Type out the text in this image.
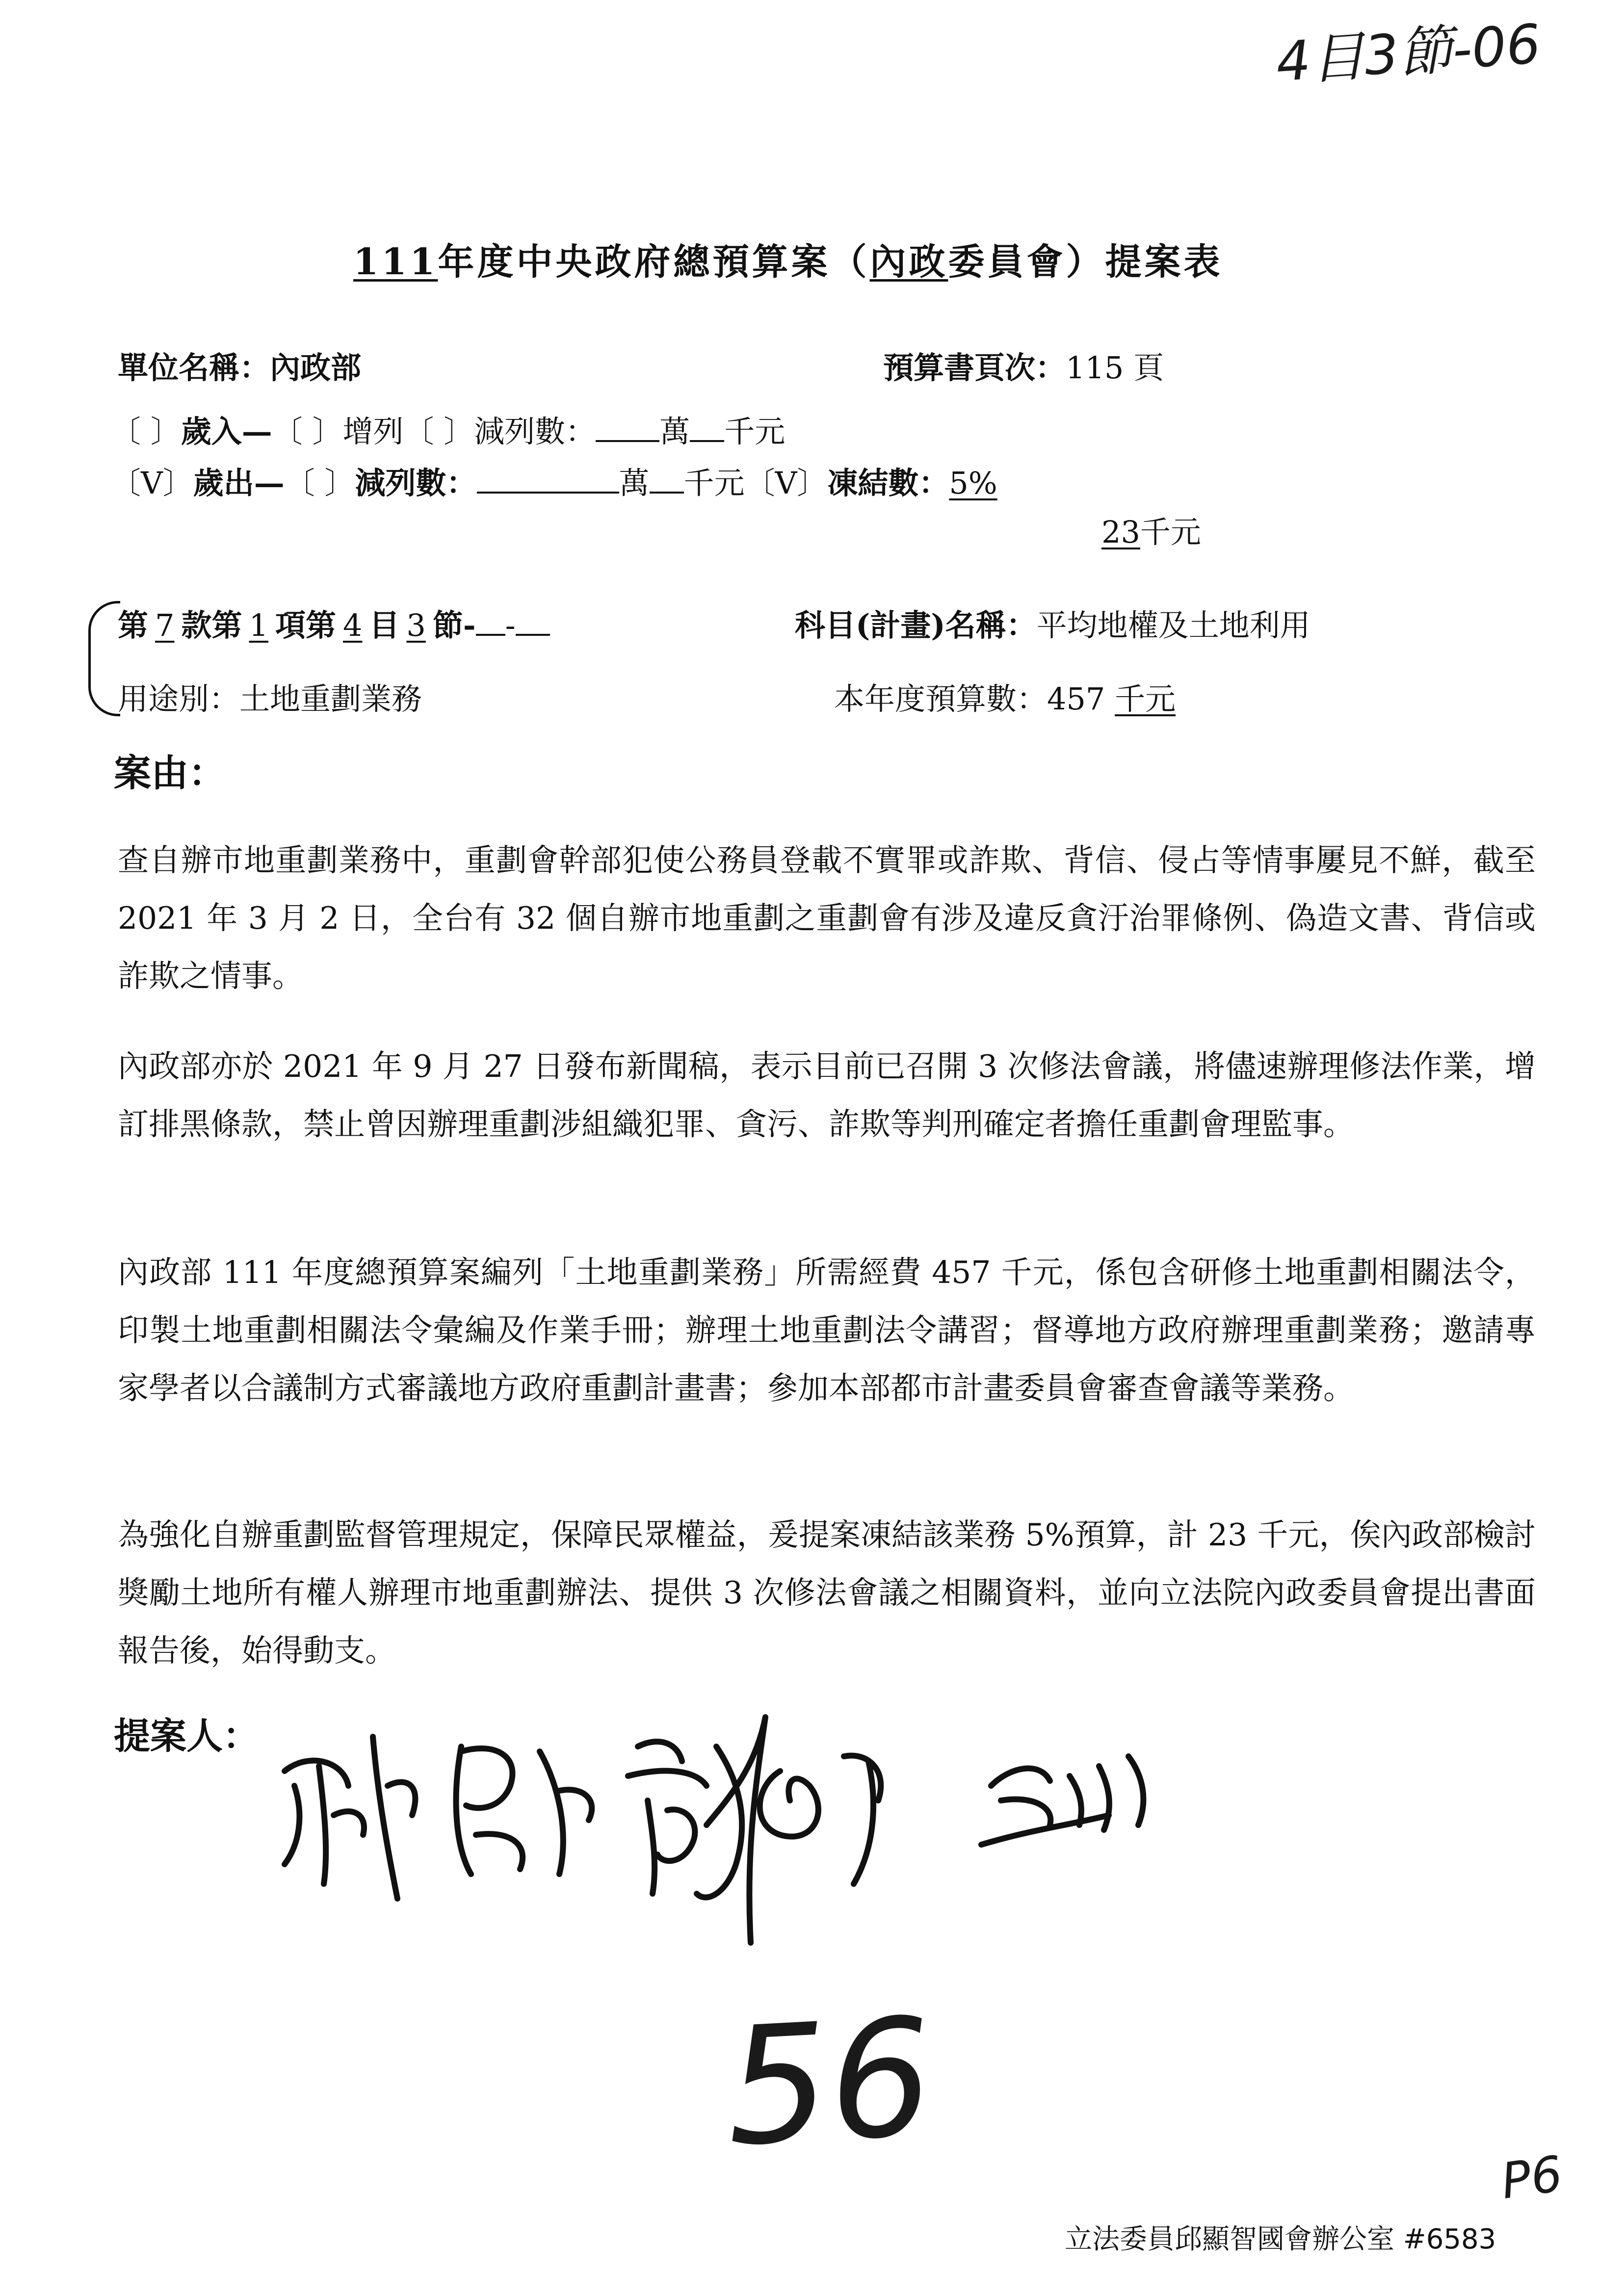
4目3節-06
111年度中央政府總預算案（內政委員會）提案表
單位名稱：內政部	預算書頁次：115 頁
〔 〕歲入—〔 〕增列〔 〕減列數： 萬 千元
〔V〕歲出—〔 〕減列數：	萬 千元〔V〕凍結數：5%
23千元
第 7 款第 1 項第 4 目 3 節- -	科目(計畫)名稱：平均地權及土地利用
用途別：土地重劃業務	本年度預算數：457 千元
案由：

查自辦市地重劃業務中，重劃會幹部犯使公務員登載不實罪或詐欺、背信、侵占等情事屢見不鮮，截至 2021 年 3 月 2 日，全台有 32 個自辦市地重劃之重劃會有涉及違反貪汙治罪條例、偽造文書、背信或詐欺之情事。

內政部亦於 2021 年 9 月 27 日發布新聞稿，表示目前已召開 3 次修法會議，將儘速辦理修法作業，增訂排黑條款，禁止曾因辦理重劃涉組織犯罪、貪污、詐欺等判刑確定者擔任重劃會理監事。

內政部 111 年度總預算案編列「土地重劃業務」所需經費 457 千元，係包含研修土地重劃相關法令，印製土地重劃相關法令彙編及作業手冊；辦理土地重劃法令講習；督導地方政府辦理重劃業務；邀請專家學者以合議制方式審議地方政府重劃計畫書；參加本部都市計畫委員會審查會議等業務。

為強化自辦重劃監督管理規定，保障民眾權益，爰提案凍結該業務 5%預算，計 23 千元，俟內政部檢討獎勵土地所有權人辦理市地重劃辦法、提供 3 次修法會議之相關資料，並向立法院內政委員會提出書面報告後，始得動支。

提案人：
56	P6
立法委員邱顯智國會辦公室 #6583
